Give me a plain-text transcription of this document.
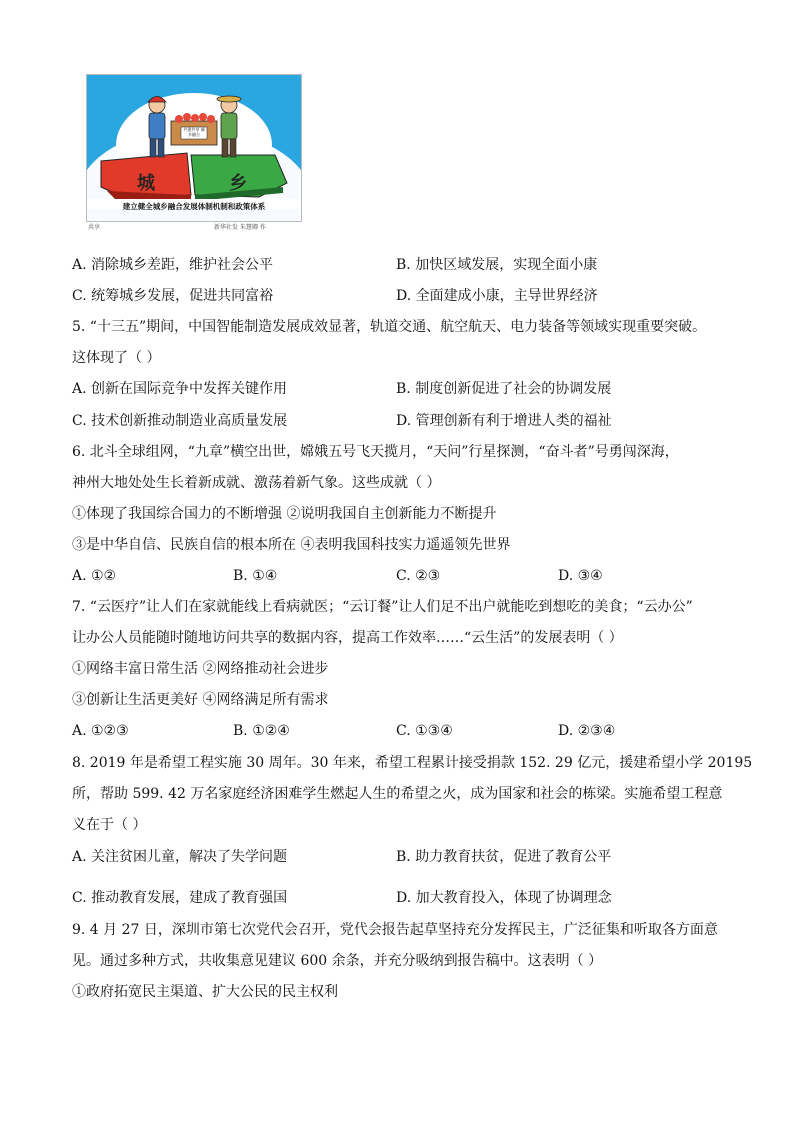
城	乡
共建共享 城乡融合
建立健全城乡融合发展体制机制和政策体系
共享	新华社发 朱慧卿 作
A. 消除城乡差距，维护社会公平	B. 加快区域发展，实现全面小康
C. 统筹城乡发展，促进共同富裕	D. 全面建成小康，主导世界经济
5. “十三五”期间，中国智能制造发展成效显著，轨道交通、航空航天、电力装备等领域实现重要突破。
这体现了（ ）
A. 创新在国际竞争中发挥关键作用	B. 制度创新促进了社会的协调发展
C. 技术创新推动制造业高质量发展	D. 管理创新有利于增进人类的福祉
6. 北斗全球组网，“九章”横空出世，嫦娥五号飞天揽月，“天问”行星探测，“奋斗者”号勇闯深海，
神州大地处处生长着新成就、激荡着新气象。这些成就（ ）
①体现了我国综合国力的不断增强 ②说明我国自主创新能力不断提升
③是中华自信、民族自信的根本所在 ④表明我国科技实力遥遥领先世界
A. ①②	B. ①④	C. ②③	D. ③④
7. “云医疗”让人们在家就能线上看病就医；“云订餐”让人们足不出户就能吃到想吃的美食；“云办公”
让办公人员能随时随地访问共享的数据内容，提高工作效率……“云生活”的发展表明（ ）
①网络丰富日常生活 ②网络推动社会进步
③创新让生活更美好 ④网络满足所有需求
A. ①②③	B. ①②④	C. ①③④	D. ②③④
8. 2019 年是希望工程实施 30 周年。30 年来，希望工程累计接受捐款 152. 29 亿元，援建希望小学 20195
所，帮助 599. 42 万名家庭经济困难学生燃起人生的希望之火，成为国家和社会的栋梁。实施希望工程意
义在于（ ）
A. 关注贫困儿童，解决了失学问题	B. 助力教育扶贫，促进了教育公平
C. 推动教育发展，建成了教育强国	D. 加大教育投入，体现了协调理念
9. 4 月 27 日，深圳市第七次党代会召开，党代会报告起草坚持充分发挥民主，广泛征集和听取各方面意
见。通过多种方式，共收集意见建议 600 余条，并充分吸纳到报告稿中。这表明（ ）
①政府拓宽民主渠道、扩大公民的民主权利
